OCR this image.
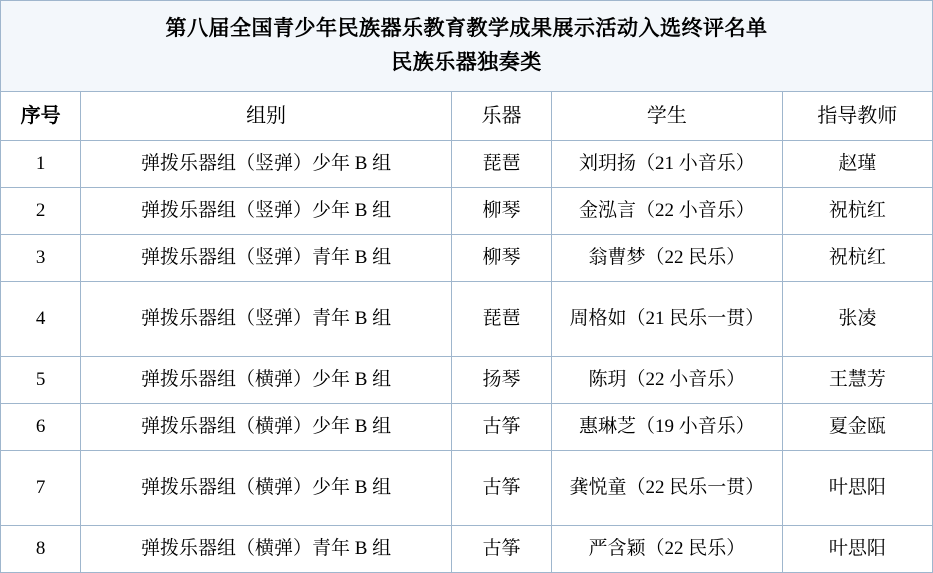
第八届全国青少年民族器乐教育教学成果展示活动入选终评名单
民族乐器独奏类
序号	组别	乐器	学生	指导教师
1	弹拨乐器组（竖弹）少年 B 组	琵琶	刘玥扬（21 小音乐）	赵瑾
2	弹拨乐器组（竖弹）少年 B 组	柳琴	金泓言（22 小音乐）	祝杭红
3	弹拨乐器组（竖弹）青年 B 组	柳琴	翁曹梦（22 民乐）	祝杭红
4	弹拨乐器组（竖弹）青年 B 组	琵琶	周格如（21 民乐一贯）	张凌
5	弹拨乐器组（横弹）少年 B 组	扬琴	陈玥（22 小音乐）	王慧芳
6	弹拨乐器组（横弹）少年 B 组	古筝	惠琳芝（19 小音乐）	夏金瓯
7	弹拨乐器组（横弹）少年 B 组	古筝	龚悦童（22 民乐一贯）	叶思阳
8	弹拨乐器组（横弹）青年 B 组	古筝	严含颖（22 民乐）	叶思阳
